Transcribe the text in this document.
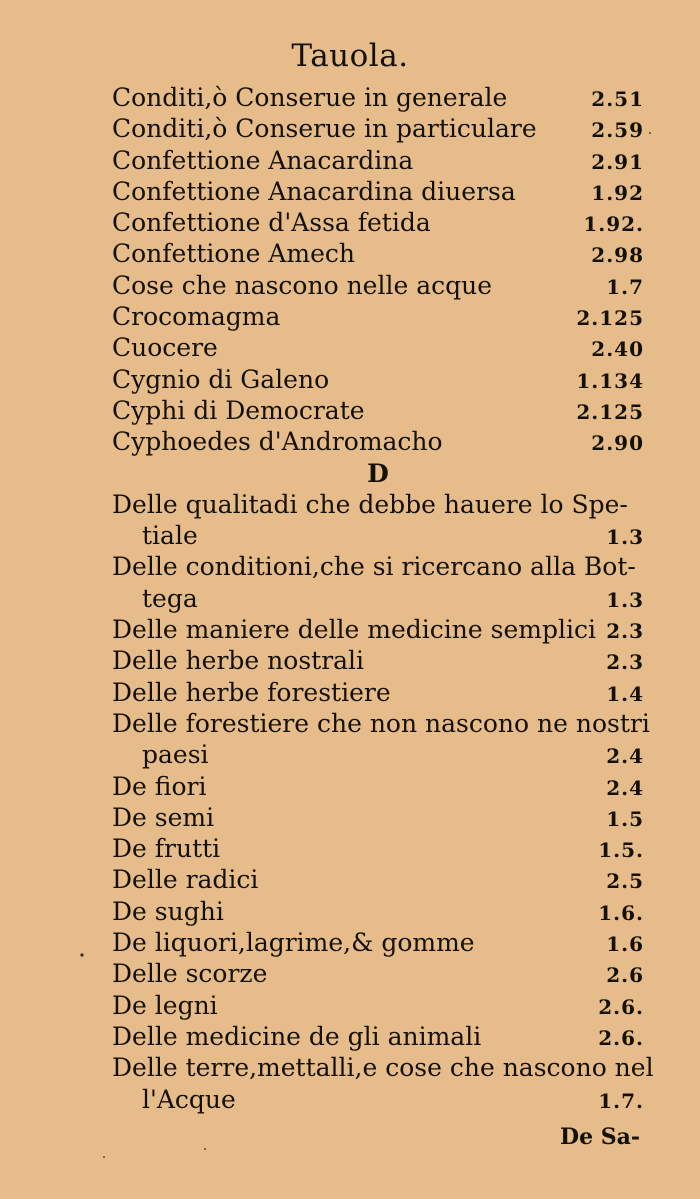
Tauola.
Conditi,ò Conserue in generale	2.51
Conditi,ò Conserue in particulare	2.59
Confettione Anacardina	2.91
Confettione Anacardina diuersa	1.92
Confettione d'Assa fetida	1.92.
Confettione Amech	2.98
Cose che nascono nelle acque	1.7
Crocomagma	2.125
Cuocere	2.40
Cygnio di Galeno	1.134
Cyphi di Democrate	2.125
Cyphoedes d'Andromacho	2.90
D
Delle qualitadi che debbe hauere lo Spe-
tiale	1.3
Delle conditioni,che si ricercano alla Bot-
tega	1.3
Delle maniere delle medicine semplici 2.3
Delle herbe nostrali	2.3
Delle herbe forestiere	1.4
Delle forestiere che non nascono ne nostri
paesi	2.4
De fiori	2.4
De semi	1.5
De frutti	1.5.
Delle radici	2.5
De sughi	1.6.
De liquori,lagrime,& gomme	1.6
Delle scorze	2.6
De legni	2.6.
Delle medicine de gli animali	2.6.
Delle terre,mettalli,e cose che nascono nel
l'Acque	1.7.
De Sa-
